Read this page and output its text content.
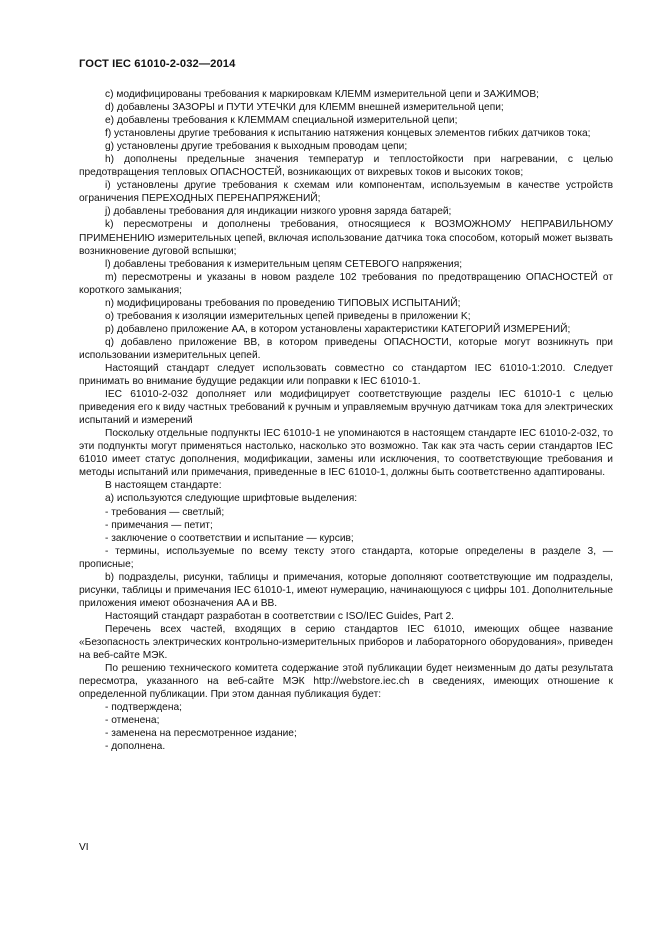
ГОСТ IEC 61010-2-032—2014

c) модифицированы требования к маркировкам КЛЕММ измерительной цепи и ЗАЖИМОВ;

d) добавлены ЗАЗОРЫ и ПУТИ УТЕЧКИ для КЛЕММ внешней измерительной цепи;

e) добавлены требования к КЛЕММАМ специальной измерительной цепи;

f) установлены другие требования к испытанию натяжения концевых элементов гибких датчиков тока;

g) установлены другие требования к выходным проводам цепи;

h) дополнены предельные значения температур и теплостойкости при нагревании, с целью предотвращения тепловых ОПАСНОСТЕЙ, возникающих от вихревых токов и высоких токов;

i) установлены другие требования к схемам или компонентам, используемым в качестве устройств ограничения ПЕРЕХОДНЫХ ПЕРЕНАПРЯЖЕНИЙ;

j) добавлены требования для индикации низкого уровня заряда батарей;

k) пересмотрены и дополнены требования, относящиеся к ВОЗМОЖНОМУ НЕПРАВИЛЬНОМУ ПРИМЕНЕНИЮ измерительных цепей, включая использование датчика тока способом, который может вызвать возникновение дуговой вспышки;

l) добавлены требования к измерительным цепям СЕТЕВОГО напряжения;

m) пересмотрены и указаны в новом разделе 102 требования по предотвращению ОПАСНОСТЕЙ от короткого замыкания;

n) модифицированы требования по проведению ТИПОВЫХ ИСПЫТАНИЙ;

o) требования к изоляции измерительных цепей приведены в приложении K;

p) добавлено приложение AA, в котором установлены характеристики КАТЕГОРИЙ ИЗМЕРЕНИЙ;

q) добавлено приложение BB, в котором приведены ОПАСНОСТИ, которые могут возникнуть при использовании измерительных цепей.

Настоящий стандарт следует использовать совместно со стандартом IEC 61010-1:2010. Следует принимать во внимание будущие редакции или поправки к IEC 61010-1.

IEC 61010-2-032 дополняет или модифицирует соответствующие разделы IEC 61010-1 с целью приведения его к виду частных требований к ручным и управляемым вручную датчикам тока для электрических испытаний и измерений

Поскольку отдельные подпункты IEC 61010-1 не упоминаются в настоящем стандарте IEC 61010-2-032, то эти подпункты могут применяться настолько, насколько это возможно. Так как эта часть серии стандартов IEC 61010 имеет статус дополнения, модификации, замены или исключения, то соответствующие требования и методы испытаний или примечания, приведенные в IEC 61010-1, должны быть соответственно адаптированы.

В настоящем стандарте:

a) используются следующие шрифтовые выделения:

- требования — светлый;

- примечания — петит;

- заключение о соответствии и испытание — курсив;

- термины, используемые по всему тексту этого стандарта, которые определены в разделе 3, — прописные;

b) подразделы, рисунки, таблицы и примечания, которые дополняют соответствующие им подразделы, рисунки, таблицы и примечания IEC 61010-1, имеют нумерацию, начинающуюся с цифры 101. Дополнительные приложения имеют обозначения AA и BB.

Настоящий стандарт разработан в соответствии с ISO/IEC Guides, Part 2.

Перечень всех частей, входящих в серию стандартов IEC 61010, имеющих общее название «Безопасность электрических контрольно-измерительных приборов и лабораторного оборудования», приведен на веб-сайте МЭК.

По решению технического комитета содержание этой публикации будет неизменным до даты результата пересмотра, указанного на веб-сайте МЭК http://webstore.iec.ch в сведениях, имеющих отношение к определенной публикации. При этом данная публикация будет:

- подтверждена;

- отменена;

- заменена на пересмотренное издание;

- дополнена.

VI
